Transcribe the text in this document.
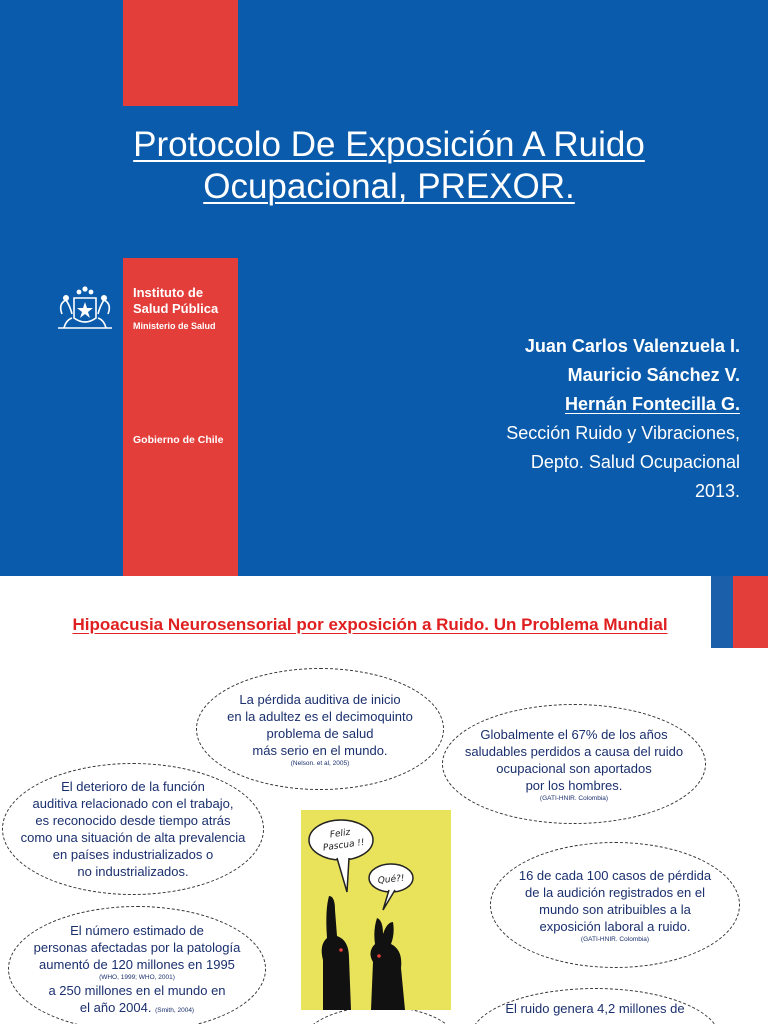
Protocolo De Exposición A Ruido
Ocupacional, PREXOR.
Instituto de
Salud Pública
Ministerio de Salud
Gobierno de Chile
Juan Carlos Valenzuela I.
Mauricio Sánchez V.
Hernán Fontecilla G.
Sección Ruido y Vibraciones,
Depto. Salud Ocupacional
2013.
Hipoacusia Neurosensorial por exposición a Ruido. Un Problema Mundial
La pérdida auditiva de inicio
en la adultez es el decimoquinto
problema de salud
más serio en el mundo.
(Nelson. et al, 2005)
Globalmente el 67% de los años
saludables perdidos a causa del ruido
ocupacional son aportados
por los hombres.
(GATI-HNIR. Colombia)
El deterioro de la función
auditiva relacionado con el trabajo,
es reconocido desde tiempo atrás
como una situación de alta prevalencia
en países industrializados o
no industrializados.	16 de cada 100 casos de pérdida
de la audición registrados en el
mundo son atribuibles a la
exposición laboral a ruido.
(GATI-HNIR. Colombia)
El número estimado de
personas afectadas por la patología
aumentó de 120 millones en 1995
(WHO, 1999; WHO, 2001)
a 250 millones en el mundo en
el año 2004. (Smith, 2004)	El ruido genera 4,2 millones de
Feliz
Pascua !!
Qué?!
